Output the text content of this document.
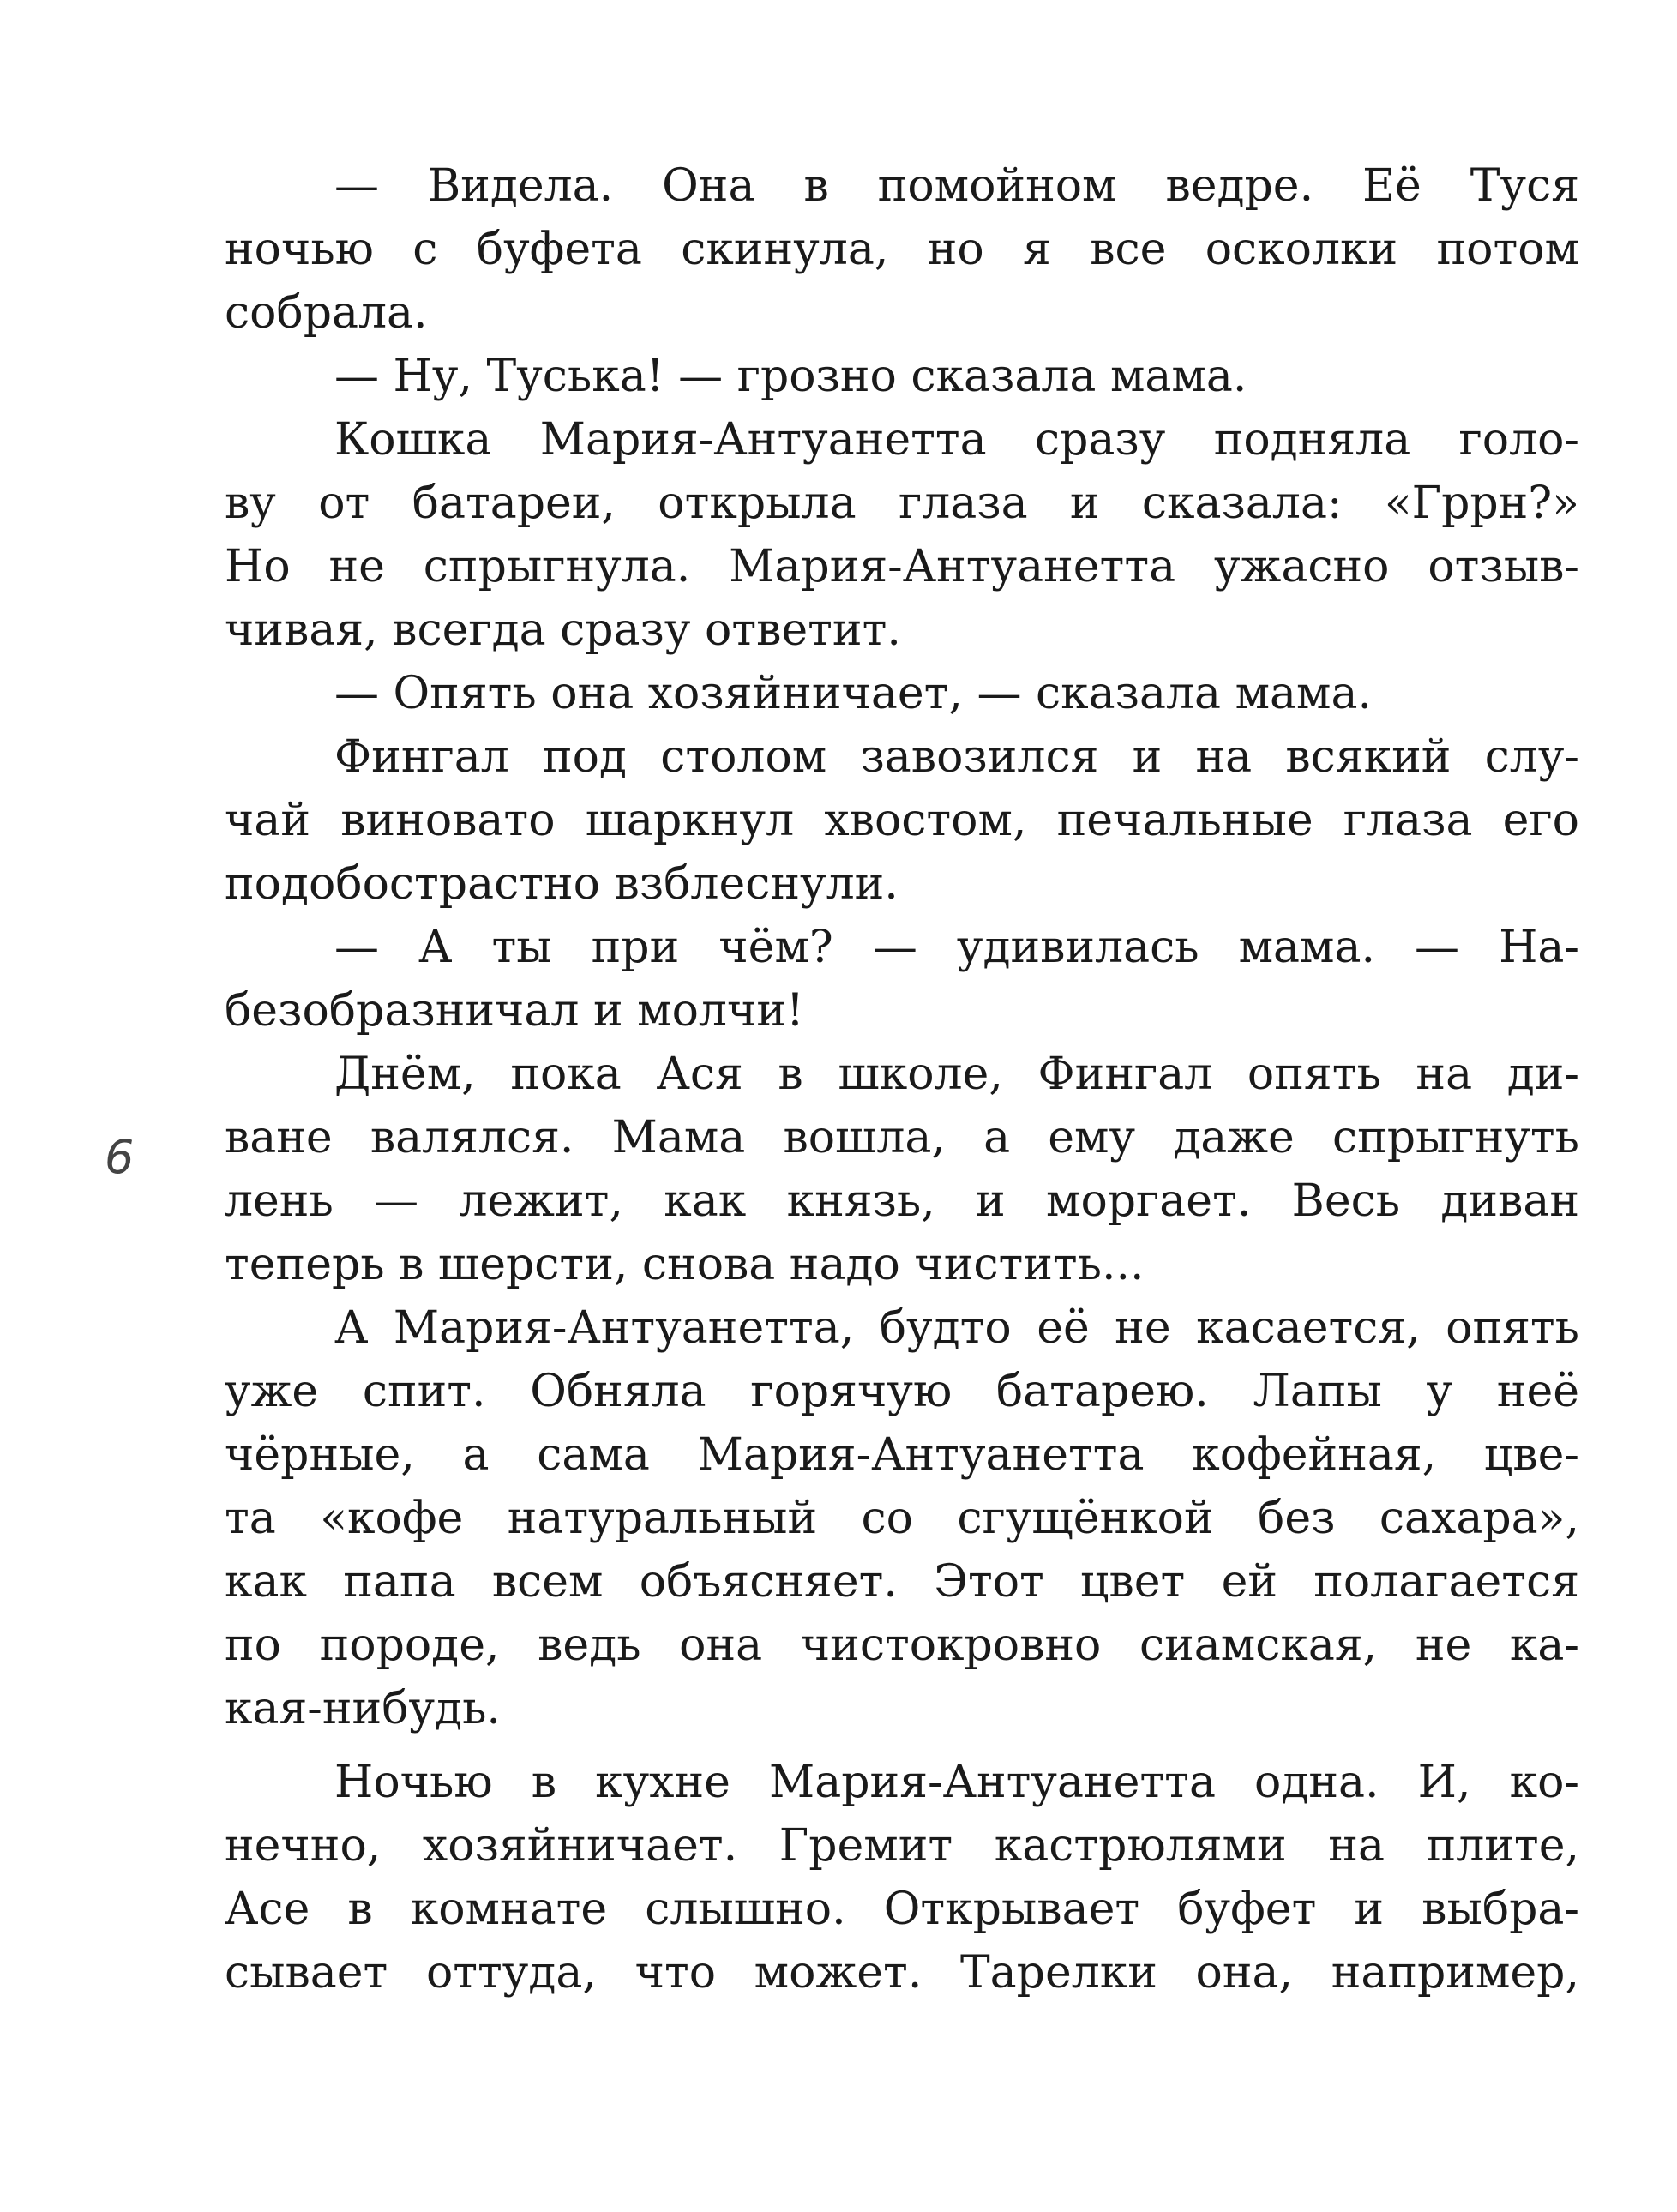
— Видела. Она в помойном ведре. Её Туся
ночью с буфета скинула, но я все осколки потом
собрала.
— Ну, Туська! — грозно сказала мама.
Кошка Мария-Антуанетта сразу подняла голо-
ву от батареи, открыла глаза и сказала: «Гррн?»
Но не спрыгнула. Мария-Антуанетта ужасно отзыв-
чивая, всегда сразу ответит.
— Опять она хозяйничает, — сказала мама.
Фингал под столом завозился и на всякий слу-
чай виновато шаркнул хвостом, печальные глаза его
подобострастно взблеснули.
— А ты при чём? — удивилась мама. — На-
безобразничал и молчи!
Днём, пока Ася в школе, Фингал опять на ди-
ване валялся. Мама вошла, а ему даже спрыгнуть
лень — лежит, как князь, и моргает. Весь диван
теперь в шерсти, снова надо чистить...
А Мария-Антуанетта, будто её не касается, опять
уже спит. Обняла горячую батарею. Лапы у неё
чёрные, а сама Мария-Антуанетта кофейная, цве-
та «кофе натуральный со сгущёнкой без сахара»,
как папа всем объясняет. Этот цвет ей полагается
по породе, ведь она чистокровно сиамская, не ка-
кая-нибудь.
Ночью в кухне Мария-Антуанетта одна. И, ко-
нечно, хозяйничает. Гремит кастрюлями на плите,
Асе в комнате слышно. Открывает буфет и выбра-
сывает оттуда, что может. Тарелки она, например,
6
